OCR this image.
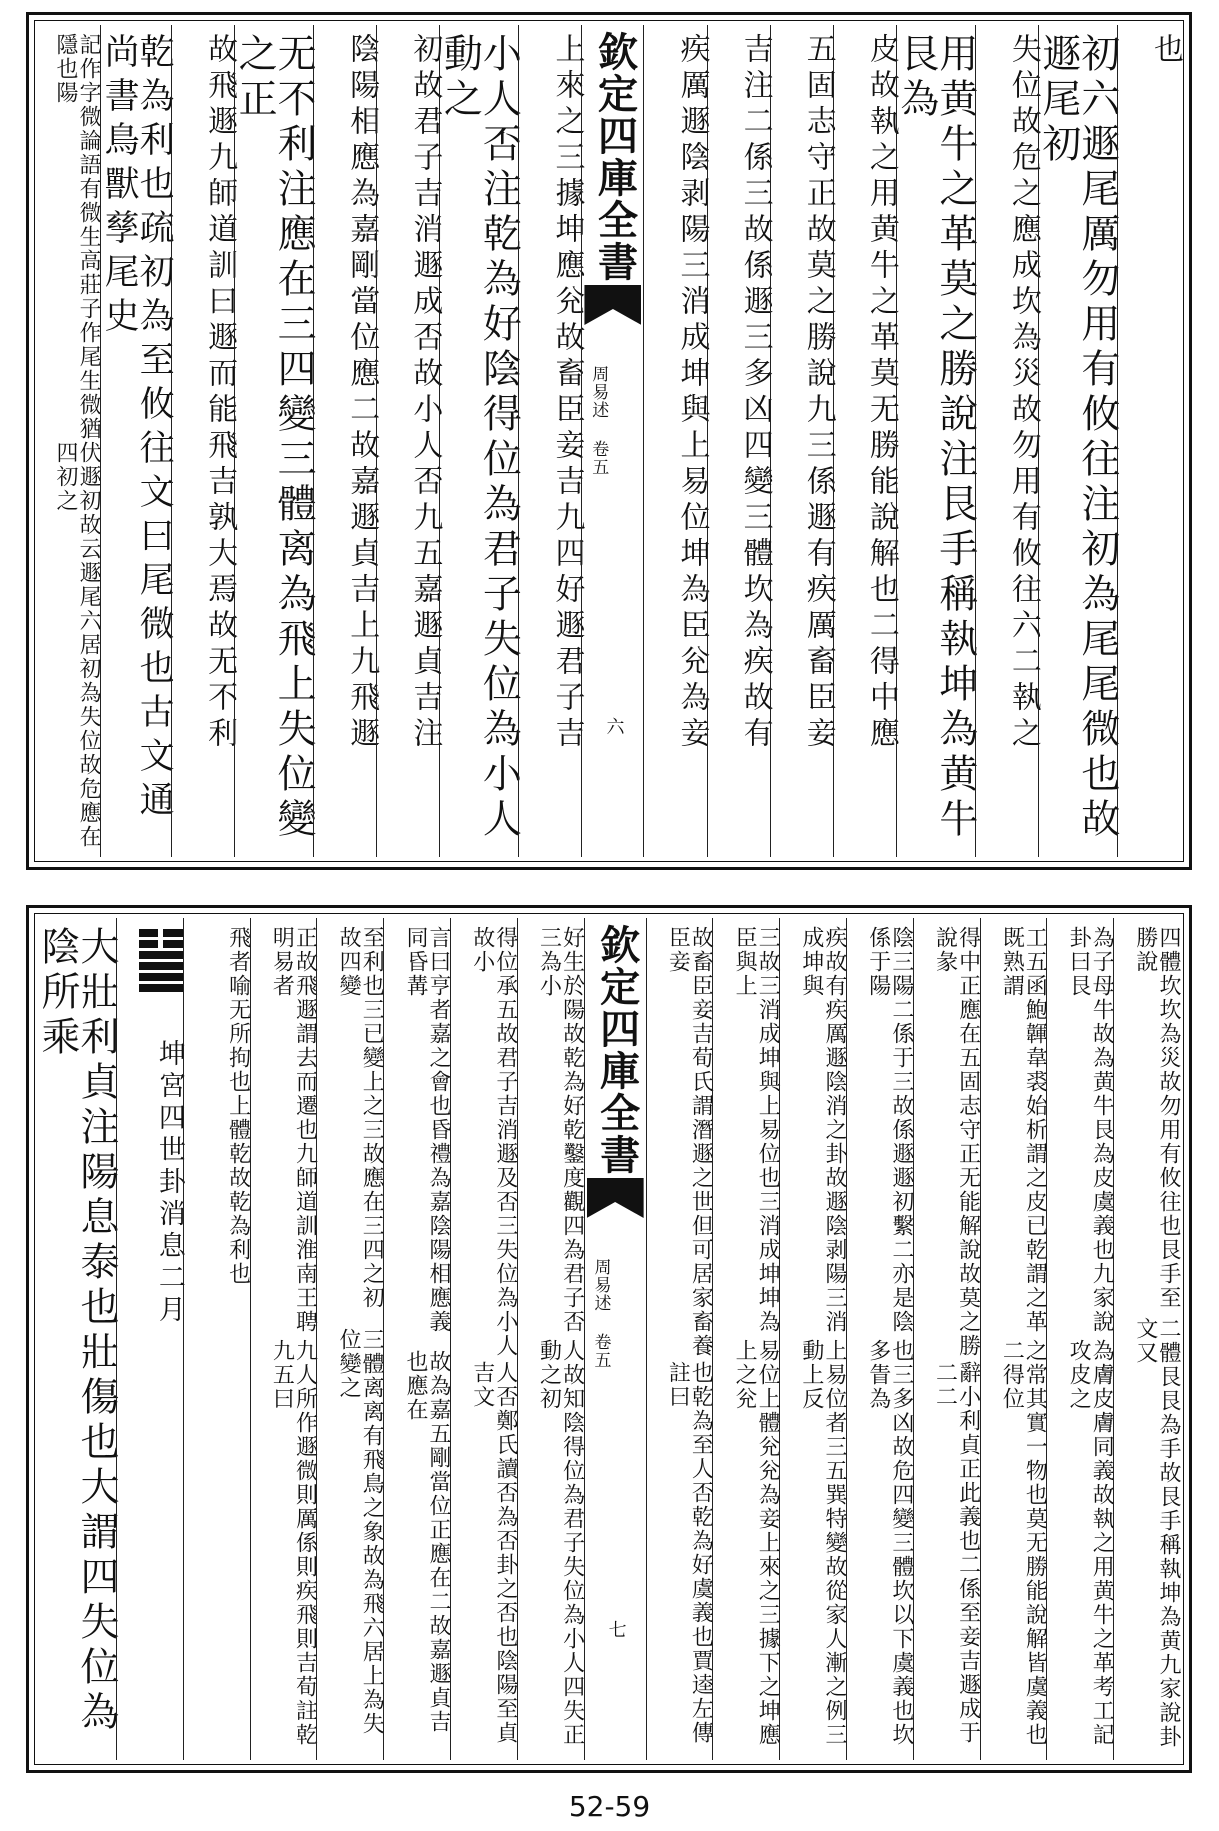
也
初六遯尾厲勿用有攸往注初為尾尾微也故遯尾初
失位故危之應成坎為災故勿用有攸往六二執之
用黄牛之革莫之勝說注艮手稱執坤為黄牛艮為
皮故執之用黄牛之革莫无勝能說解也二得中應
五固志守正故莫之勝說九三係遯有疾厲畜臣妾
吉注二係三故係遯三多凶四變三體坎為疾故有
疾厲遯陰剥陽三消成坤與上易位坤為臣兊為妾
欽定四庫全書
周易述 卷五
六
上來之三據坤應兊故畜臣妾吉九四好遯君子吉
小人否注乾為好陰得位為君子失位為小人動之
初故君子吉消遯成否故小人否九五嘉遯貞吉注
陰陽相應為嘉剛當位應二故嘉遯貞吉上九飛遯
无不利注應在三四變三體离為飛上失位變之正
故飛遯九師道訓曰遯而能飛吉孰大焉故无不利
乾為利也疏初為至攸往文曰尾微也古文通尚書鳥獸孳尾史
記作字微論語有微生高莊子作尾生微猶隱也陽
伏遯初故云遯尾六居初為失位故危應在四初之
四體坎坎為災故勿用有攸往也艮手至勝說
二體艮艮為手故艮手稱執坤為黄九家說卦文又
為子母牛故為黄牛艮為皮虞義也九家說卦曰艮
為膚皮膚同義故執之用黄牛之革考工記攻皮之
工五函鮑韗韋裘始析謂之皮已乾謂之革既熟謂
之常其實一物也莫无勝能說解皆虞義也二得位
得中正應在五固志守正无能解說故莫之勝說彖
辭小利貞正此義也二係至妾吉遯成于二二
陰三陽二係于三故係遯遯初繫二亦是陰係于陽
也三多凶故危四變三體坎以下虞義也坎多眚為
疾故有疾厲遯陰消之卦故遯陰剥陽三消成坤與
上易位者三五巽特變故從家人漸之例三動上反
三故三消成坤與上易位也三消成坤坤為臣與上
易位上體兊兊為妾上來之三據下之坤應上之兊
故畜臣妾吉荀氏謂潛遯之世但可居家畜養臣妾
也乾為至人否乾為好虞義也賈逵左傳註曰
欽定四庫全書
周易述 卷五
七
好生於陽故乾為好乾鑿度觀四為君子否三為小
人故知陰得位為君子失位為小人四失正動之初
得位承五故君子吉消遯及否三失位為小人故小
人否鄭氏讀否為否卦之否也陰陽至貞吉文
言曰亨者嘉之會也昏禮為嘉陰陽相應義同昏冓
故為嘉五剛當位正應在二故嘉遯貞吉也應在
至利也三已變上之三故應在三四之初故四變
三體离离有飛鳥之象故為飛六居上為失位變之
正故飛遯謂去而遷也九師道訓淮南王聘明易者
九人所作遯微則厲係則疾飛則吉荀註乾九五曰
飛者喻无所拘也上
體乾故乾為利也
坤宮四世卦消息二月
大壯利貞注陽息泰也壯傷也大謂四失位為陰所乘
52-59
